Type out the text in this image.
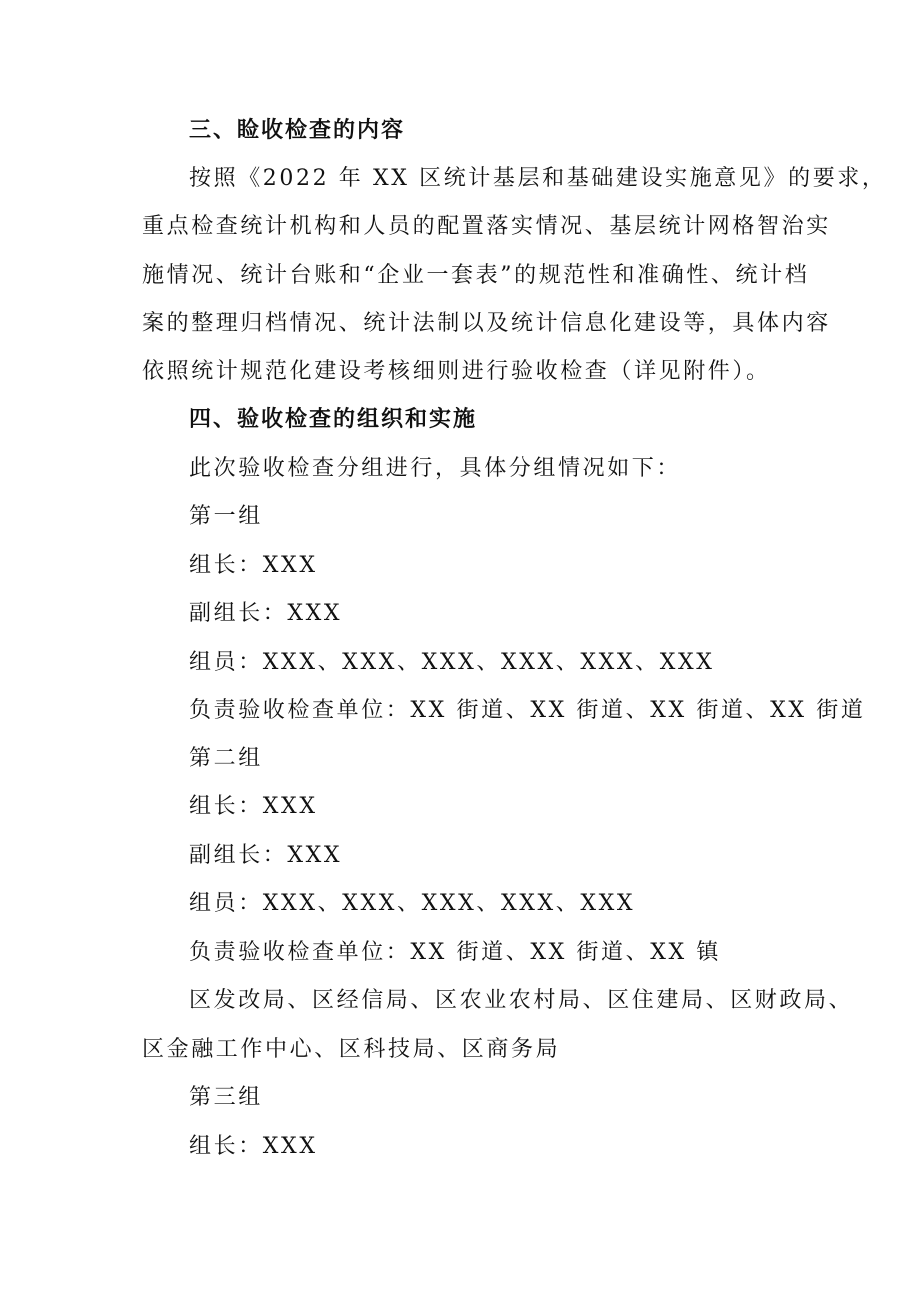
三、睑收检查的内容
按照《2022 年 XX 区统计基层和基础建设实施意见》的要求，
重点检查统计机构和人员的配置落实情况、基层统计网格智治实
施情况、统计台账和“企业一套表”的规范性和准确性、统计档
案的整理归档情况、统计法制以及统计信息化建设等，具体内容
依照统计规范化建设考核细则进行验收检查（详见附件）。
四、验收检查的组织和实施
此次验收检查分组进行，具体分组情况如下：
第一组
组长：XXX
副组长：XXX
组员：XXX、XXX、XXX、XXX、XXX、XXX
负责验收检查单位：XX 街道、XX 街道、XX 街道、XX 街道
第二组
组长：XXX
副组长：XXX
组员：XXX、XXX、XXX、XXX、XXX
负责验收检查单位：XX 街道、XX 街道、XX 镇
区发改局、区经信局、区农业农村局、区住建局、区财政局、
区金融工作中心、区科技局、区商务局
第三组
组长：XXX
